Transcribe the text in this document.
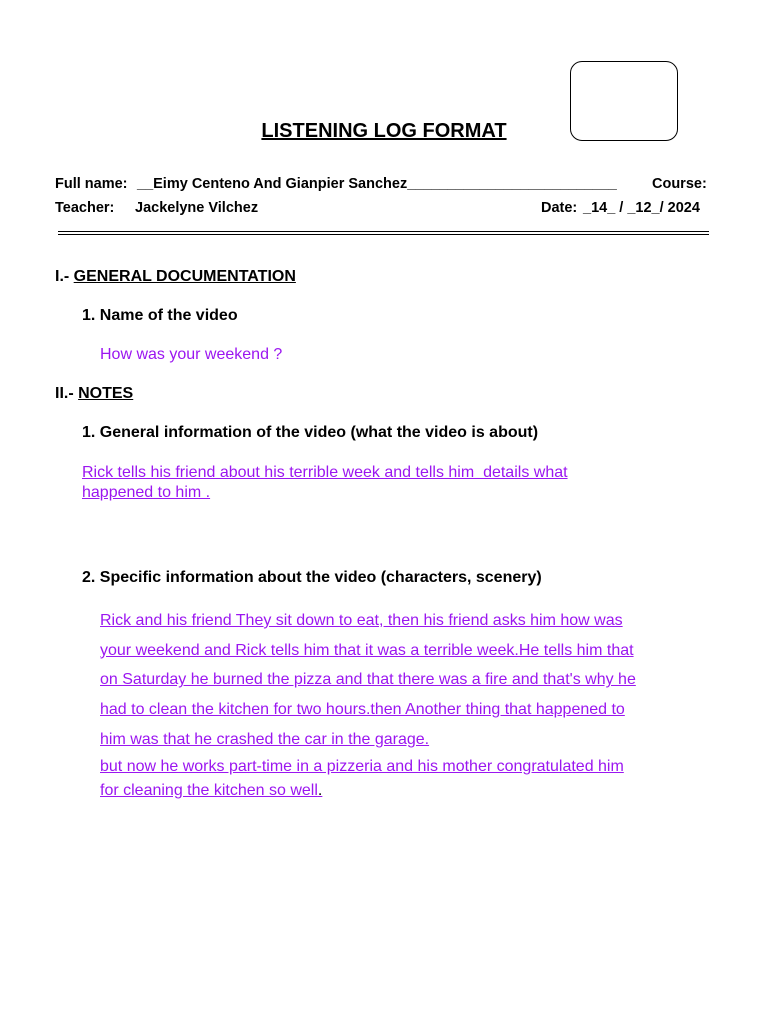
LISTENING LOG FORMAT
Full name: __Eimy Centeno And Gianpier Sanchez__________________________ Course:
Teacher: Jackelyne Vilchez	Date: _14_ / _12_/ 2024
I.- GENERAL DOCUMENTATION
1. Name of the video
How was your weekend ?
II.- NOTES
1. General information of the video (what the video is about)
Rick tells his friend about his terrible week and tells him  details what
happened to him .
2. Specific information about the video (characters, scenery)
Rick and his friend They sit down to eat, then his friend asks him how was
your weekend and Rick tells him that it was a terrible week.He tells him that
on Saturday he burned the pizza and that there was a fire and that's why he
had to clean the kitchen for two hours.then Another thing that happened to
him was that he crashed the car in the garage.
but now he works part-time in a pizzeria and his mother congratulated him
for cleaning the kitchen so well.
